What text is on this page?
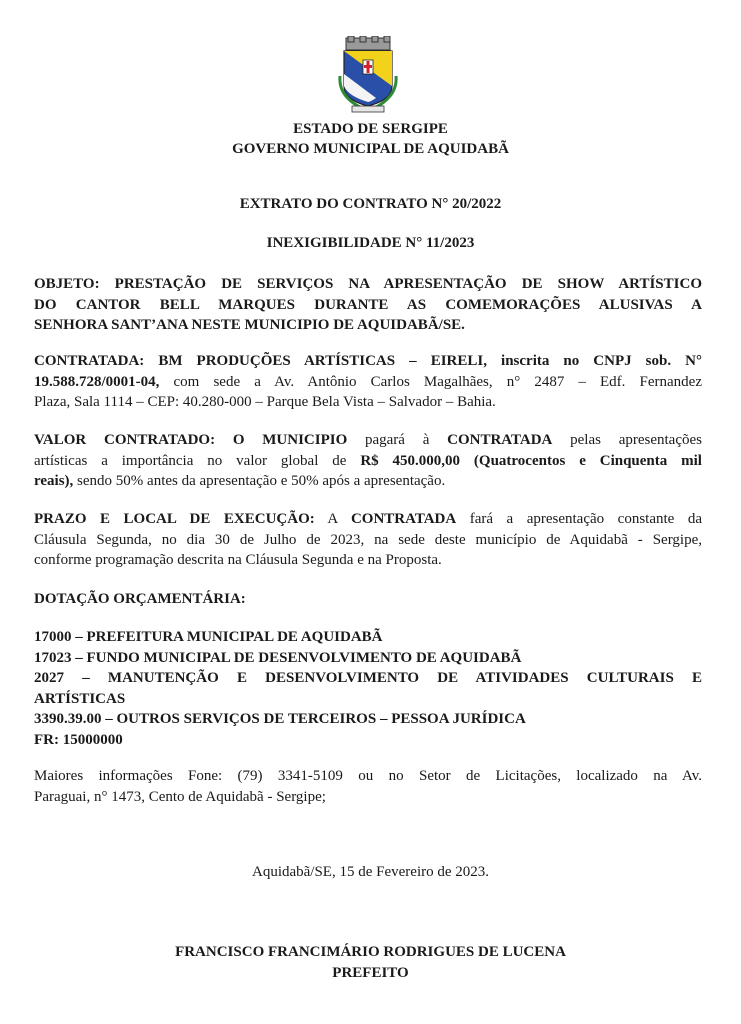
ESTADO DE SERGIPE
GOVERNO MUNICIPAL DE AQUIDABÃ
EXTRATO DO CONTRATO N° 20/2022
INEXIGIBILIDADE N° 11/2023
OBJETO: PRESTAÇÃO DE SERVIÇOS NA APRESENTAÇÃO DE SHOW ARTÍSTICO
DO CANTOR BELL MARQUES DURANTE AS COMEMORAÇÕES ALUSIVAS A
SENHORA SANT’ANA NESTE MUNICIPIO DE AQUIDABÃ/SE.
CONTRATADA: BM PRODUÇÕES ARTÍSTICAS – EIRELI, inscrita no CNPJ sob. N°
19.588.728/0001-04, com sede a Av. Antônio Carlos Magalhães, n° 2487 – Edf. Fernandez
Plaza, Sala 1114 – CEP: 40.280-000 – Parque Bela Vista – Salvador – Bahia.
VALOR CONTRATADO: O MUNICIPIO pagará à CONTRATADA pelas apresentações
artísticas a importância no valor global de R$ 450.000,00 (Quatrocentos e Cinquenta mil
reais), sendo 50% antes da apresentação e 50% após a apresentação.
PRAZO E LOCAL DE EXECUÇÃO: A CONTRATADA fará a apresentação constante da
Cláusula Segunda, no dia 30 de Julho de 2023, na sede deste município de Aquidabã - Sergipe,
conforme programação descrita na Cláusula Segunda e na Proposta.
DOTAÇÃO ORÇAMENTÁRIA:
17000 – PREFEITURA MUNICIPAL DE AQUIDABÃ
17023 – FUNDO MUNICIPAL DE DESENVOLVIMENTO DE AQUIDABÃ
2027 – MANUTENÇÃO E DESENVOLVIMENTO DE ATIVIDADES CULTURAIS E
ARTÍSTICAS
3390.39.00 – OUTROS SERVIÇOS DE TERCEIROS – PESSOA JURÍDICA
FR: 15000000
Maiores informações Fone: (79) 3341-5109 ou no Setor de Licitações, localizado na Av.
Paraguai, n° 1473, Cento de Aquidabã - Sergipe;
Aquidabã/SE, 15 de Fevereiro de 2023.
FRANCISCO FRANCIMÁRIO RODRIGUES DE LUCENA
PREFEITO
